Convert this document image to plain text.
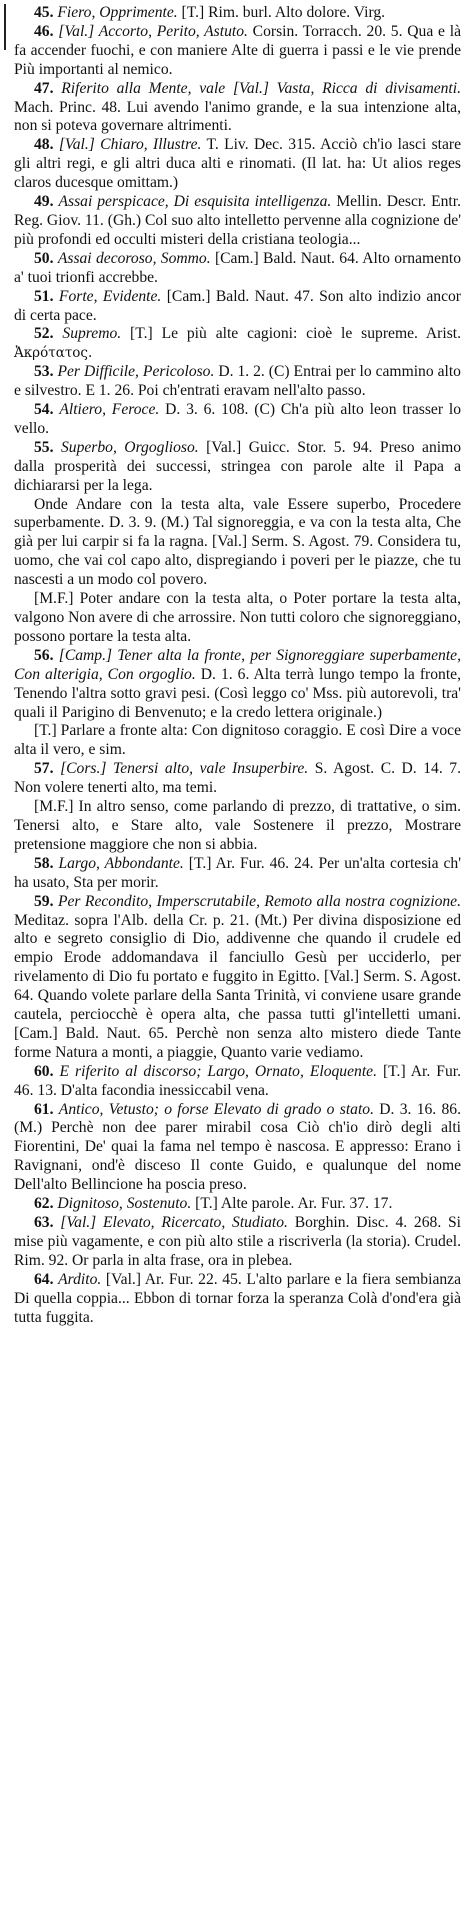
45. Fiero, Opprimente. [T.] Rim. burl. Alto dolore. Virg.

46. [Val.] Accorto, Perito, Astuto. Corsin. Torracch. 20. 5. Qua e là fa accender fuochi, e con maniere Alte di guerra i passi e le vie prende Più importanti al nemico.

47. Riferito alla Mente, vale [Val.] Vasta, Ricca di divisamenti. Mach. Princ. 48. Lui avendo l'animo grande, e la sua intenzione alta, non si poteva governare altrimenti.

48. [Val.] Chiaro, Illustre. T. Liv. Dec. 315. Acciò ch'io lasci stare gli altri regi, e gli altri duca alti e rinomati. (Il lat. ha: Ut alios reges claros ducesque omittam.)

49. Assai perspicace, Di esquisita intelligenza. Mellin. Descr. Entr. Reg. Giov. 11. (Gh.) Col suo alto intelletto pervenne alla cognizione de' più profondi ed occulti misteri della cristiana teologia...

50. Assai decoroso, Sommo. [Cam.] Bald. Naut. 64. Alto ornamento a' tuoi trionfi accrebbe.

51. Forte, Evidente. [Cam.] Bald. Naut. 47. Son alto indizio ancor di certa pace.

52. Supremo. [T.] Le più alte cagioni: cioè le supreme. Arist. Ἀκρότατος.

53. Per Difficile, Pericoloso. D. 1. 2. (C) Entrai per lo cammino alto e silvestro. E 1. 26. Poi ch'entrati eravam nell'alto passo.

54. Altiero, Feroce. D. 3. 6. 108. (C) Ch'a più alto leon trasser lo vello.

55. Superbo, Orgoglioso. [Val.] Guicc. Stor. 5. 94. Preso animo dalla prosperità dei successi, stringea con parole alte il Papa a dichiararsi per la lega.

Onde Andare con la testa alta, vale Essere superbo, Procedere superbamente. D. 3. 9. (M.) Tal signoreggia, e va con la testa alta, Che già per lui carpir si fa la ragna. [Val.] Serm. S. Agost. 79. Considera tu, uomo, che vai col capo alto, dispregiando i poveri per le piazze, che tu nascesti a un modo col povero.

[M.F.] Poter andare con la testa alta, o Poter portare la testa alta, valgono Non avere di che arrossire. Non tutti coloro che signoreggiano, possono portare la testa alta.

56. [Camp.] Tener alta la fronte, per Signoreggiare superbamente, Con alterigia, Con orgoglio. D. 1. 6. Alta terrà lungo tempo la fronte, Tenendo l'altra sotto gravi pesi. (Così leggo co' Mss. più autorevoli, tra' quali il Parigino di Benvenuto; e la credo lettera originale.)

[T.] Parlare a fronte alta: Con dignitoso coraggio. E così Dire a voce alta il vero, e sim.

57. [Cors.] Tenersi alto, vale Insuperbire. S. Agost. C. D. 14. 7. Non volere tenerti alto, ma temi.

[M.F.] In altro senso, come parlando di prezzo, di trattative, o sim. Tenersi alto, e Stare alto, vale Sostenere il prezzo, Mostrare pretensione maggiore che non si abbia.

58. Largo, Abbondante. [T.] Ar. Fur. 46. 24. Per un'alta cortesia ch' ha usato, Sta per morir.

59. Per Recondito, Imperscrutabile, Remoto alla nostra cognizione. Meditaz. sopra l'Alb. della Cr. p. 21. (Mt.) Per divina disposizione ed alto e segreto consiglio di Dio, addivenne che quando il crudele ed empio Erode addomandava il fanciullo Gesù per ucciderlo, per rivelamento di Dio fu portato e fuggito in Egitto. [Val.] Serm. S. Agost. 64. Quando volete parlare della Santa Trinità, vi conviene usare grande cautela, perciocchè è opera alta, che passa tutti gl'intelletti umani. [Cam.] Bald. Naut. 65. Perchè non senza alto mistero diede Tante forme Natura a monti, a piaggie, Quanto varie vediamo.

60. E riferito al discorso; Largo, Ornato, Eloquente. [T.] Ar. Fur. 46. 13. D'alta facondia inessiccabil vena.

61. Antico, Vetusto; o forse Elevato di grado o stato. D. 3. 16. 86. (M.) Perchè non dee parer mirabil cosa Ciò ch'io dirò degli alti Fiorentini, De' quai la fama nel tempo è nascosa. E appresso: Erano i Ravignani, ond'è disceso Il conte Guido, e qualunque del nome Dell'alto Bellincione ha poscia preso.

62. Dignitoso, Sostenuto. [T.] Alte parole. Ar. Fur. 37. 17.

63. [Val.] Elevato, Ricercato, Studiato. Borghin. Disc. 4. 268. Si mise più vagamente, e con più alto stile a riscriverla (la storia). Crudel. Rim. 92. Or parla in alta frase, ora in plebea.

64. Ardito. [Val.] Ar. Fur. 22. 45. L'alto parlare e la fiera sembianza Di quella coppia... Ebbon di tornar forza la speranza Colà d'ond'era già tutta fuggita.
